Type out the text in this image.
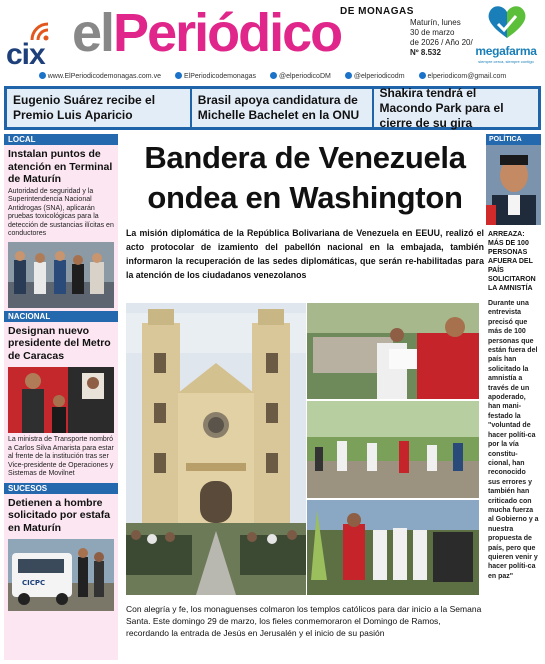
cix elPeriódico
DE MONAGAS
Maturín, lunes
30 de marzo
de 2026 / Año 20/
Nº 8.532	megafarma
siempre cerca, siempre contigo
www.ElPeriodicodemonagas.com.ve	ElPeriodicodemonagas	@elperiodicoDM	@elperiodicodm	elperiodicom@gmail.com
Eugenio Suárez recibe el Premio Luis Aparicio
Brasil apoya candidatura de Michelle Bachelet en la ONU
Shakira tendrá el Macondo Park para el cierre de su gira
LOCAL
Instalan puntos de atención en Terminal de Maturín
Autoridad de seguridad y la Superintendencia Nacional Antidrogas (SNA), aplicarán pruebas toxicológicas para la detección de sustancias ilícitas en conductores
NACIONAL
Designan nuevo presidente del Metro de Caracas
La ministra de Transporte nombró a Carlos Silva Amarista para estar al frente de la institución tras ser Vice-presidente de Operaciones y Sistemas de Movilnet
SUCESOS
Detienen a hombre solicitado por estafa en Maturín
CICPC
Bandera de Venezuela
ondea en Washington
La misión diplomática de la República Bolivariana de Venezuela en EEUU, realizó el acto protocolar de izamiento del pabellón nacional en la embajada, también informaron la recuperación de las sedes diplomáticas, que serán re-habilitadas para la atención de los ciudadanos venezolanos
Con alegría y fe, los monaguenses colmaron los templos católicos para dar inicio a la Semana Santa. Este domingo 29 de marzo, los fieles conmemoraron el Domingo de Ramos, recordando la entrada de Jesús en Jerusalén y el inicio de su pasión
POLÍTICA
ARREAZA: MÁS DE 100 PERSONAS AFUERA DEL PAÍS SOLICITARON LA AMNISTÍA
Durante una entrevista precisó que más de 100 personas que están fuera del país han solicitado la amnistía a través de un apoderado, han mani-festado la "voluntad de hacer políti-ca por la vía constitu-cional, han reconocido sus errores y también han criticado con mucha fuerza al Gobierno y a nuestra propuesta de país, pero que quieren venir y hacer políti-ca en paz"
